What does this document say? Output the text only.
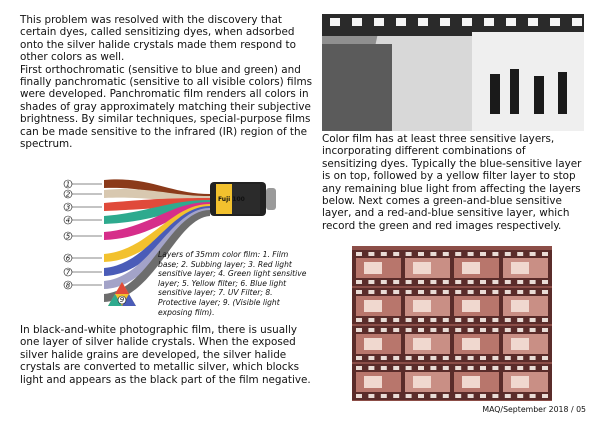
This problem was resolved with the discovery that certain dyes, called sensitizing dyes, when adsorbed onto the silver halide crystals made them respond to other colors as well.
First orthochromatic (sensitive to blue and green) and finally panchromatic (sensitive to all visible colors) films were developed. Panchromatic film renders all colors in shades of gray approximately matching their subjective brightness. By similar techniques, special-purpose films can be made sensitive to the infrared (IR) region of the spectrum.

Fuji 100
1
2
3
4
5
6
7
8
9

Layers of 35mm color film: 1. Film base; 2. Subbing layer; 3. Red light sensitive layer; 4. Green light sensitive layer; 5. Yellow filter; 6. Blue light sensitive layer; 7. UV Filter; 8. Protective layer; 9. (Visible light exposing film).

In black-and-white photographic film, there is usually one layer of silver halide crystals. When the exposed silver halide grains are developed, the silver halide crystals are converted to metallic silver, which blocks light and appears as the black part of the film negative.

Color film has at least three sensitive layers, incorporating different combinations of sensitizing dyes. Typically the blue-sensitive layer is on top, followed by a yellow filter layer to stop any remaining blue light from affecting the layers below. Next comes a green-and-blue sensitive layer, and a red-and-blue sensitive layer, which record the green and red images respectively.

MAQ/September 2018 / 05
